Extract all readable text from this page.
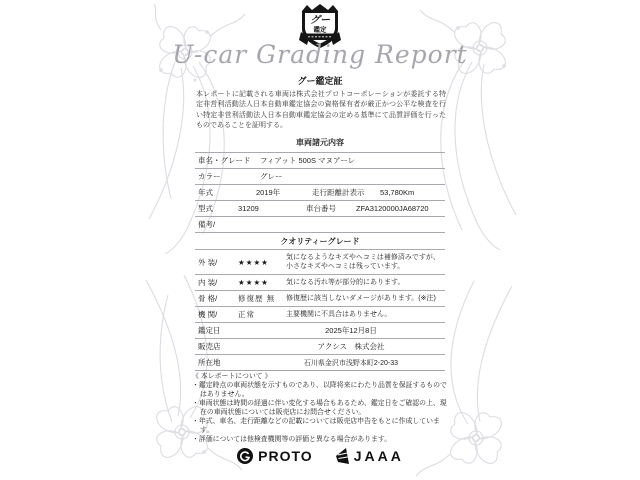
グー
鑑定
U-car Grading Report
グー鑑定証
本レポートに記載される車両は株式会社プロトコーポレーションが委託する特定非営利活動法人日本自動車鑑定協会の資格保有者が厳正かつ公平な検査を行い特定非営利活動法人日本自動車鑑定協会の定める基準にて品質評価を行ったものであることを証明する。
車両諸元内容
車名・グレード	フィアット 500S マヌアーレ
カラー	グレー
年式	2019年	走行距離計表示	53,780Km
型式	31209	車台番号	ZFA3120000JA68720
備考/
クオリティーグレード
外 装/	★★★★	気になるようなキズやヘコミは補修済みですが、小さなキズやヘコミは残っています。
内 装/	★★★★	気になる汚れ等が部分的にあります。
骨 格/	修復歴 無	修復歴に該当しないダメージがあります。(※注)
機 関/	正常	主要機関に不具合はありません。
鑑定日	2025年12月8日
販売店	アクシス　株式会社
所在地	石川県金沢市浅野本町2-20-33
《 本レポートについて 》
・鑑定時点の車両状態を示すものであり、以降将来にわたり品質を保証するものではありません。
・車両状態は時間の経過に伴い変化する場合もあるため、鑑定日をご確認の上、現在の車両状態については販売店にお問合せください。
・年式、車名、走行距離などの記載については販売店申告をもとに作成しています。
・評価については他検査機関等の評価と異なる場合があります。
PROTO	JAAA
